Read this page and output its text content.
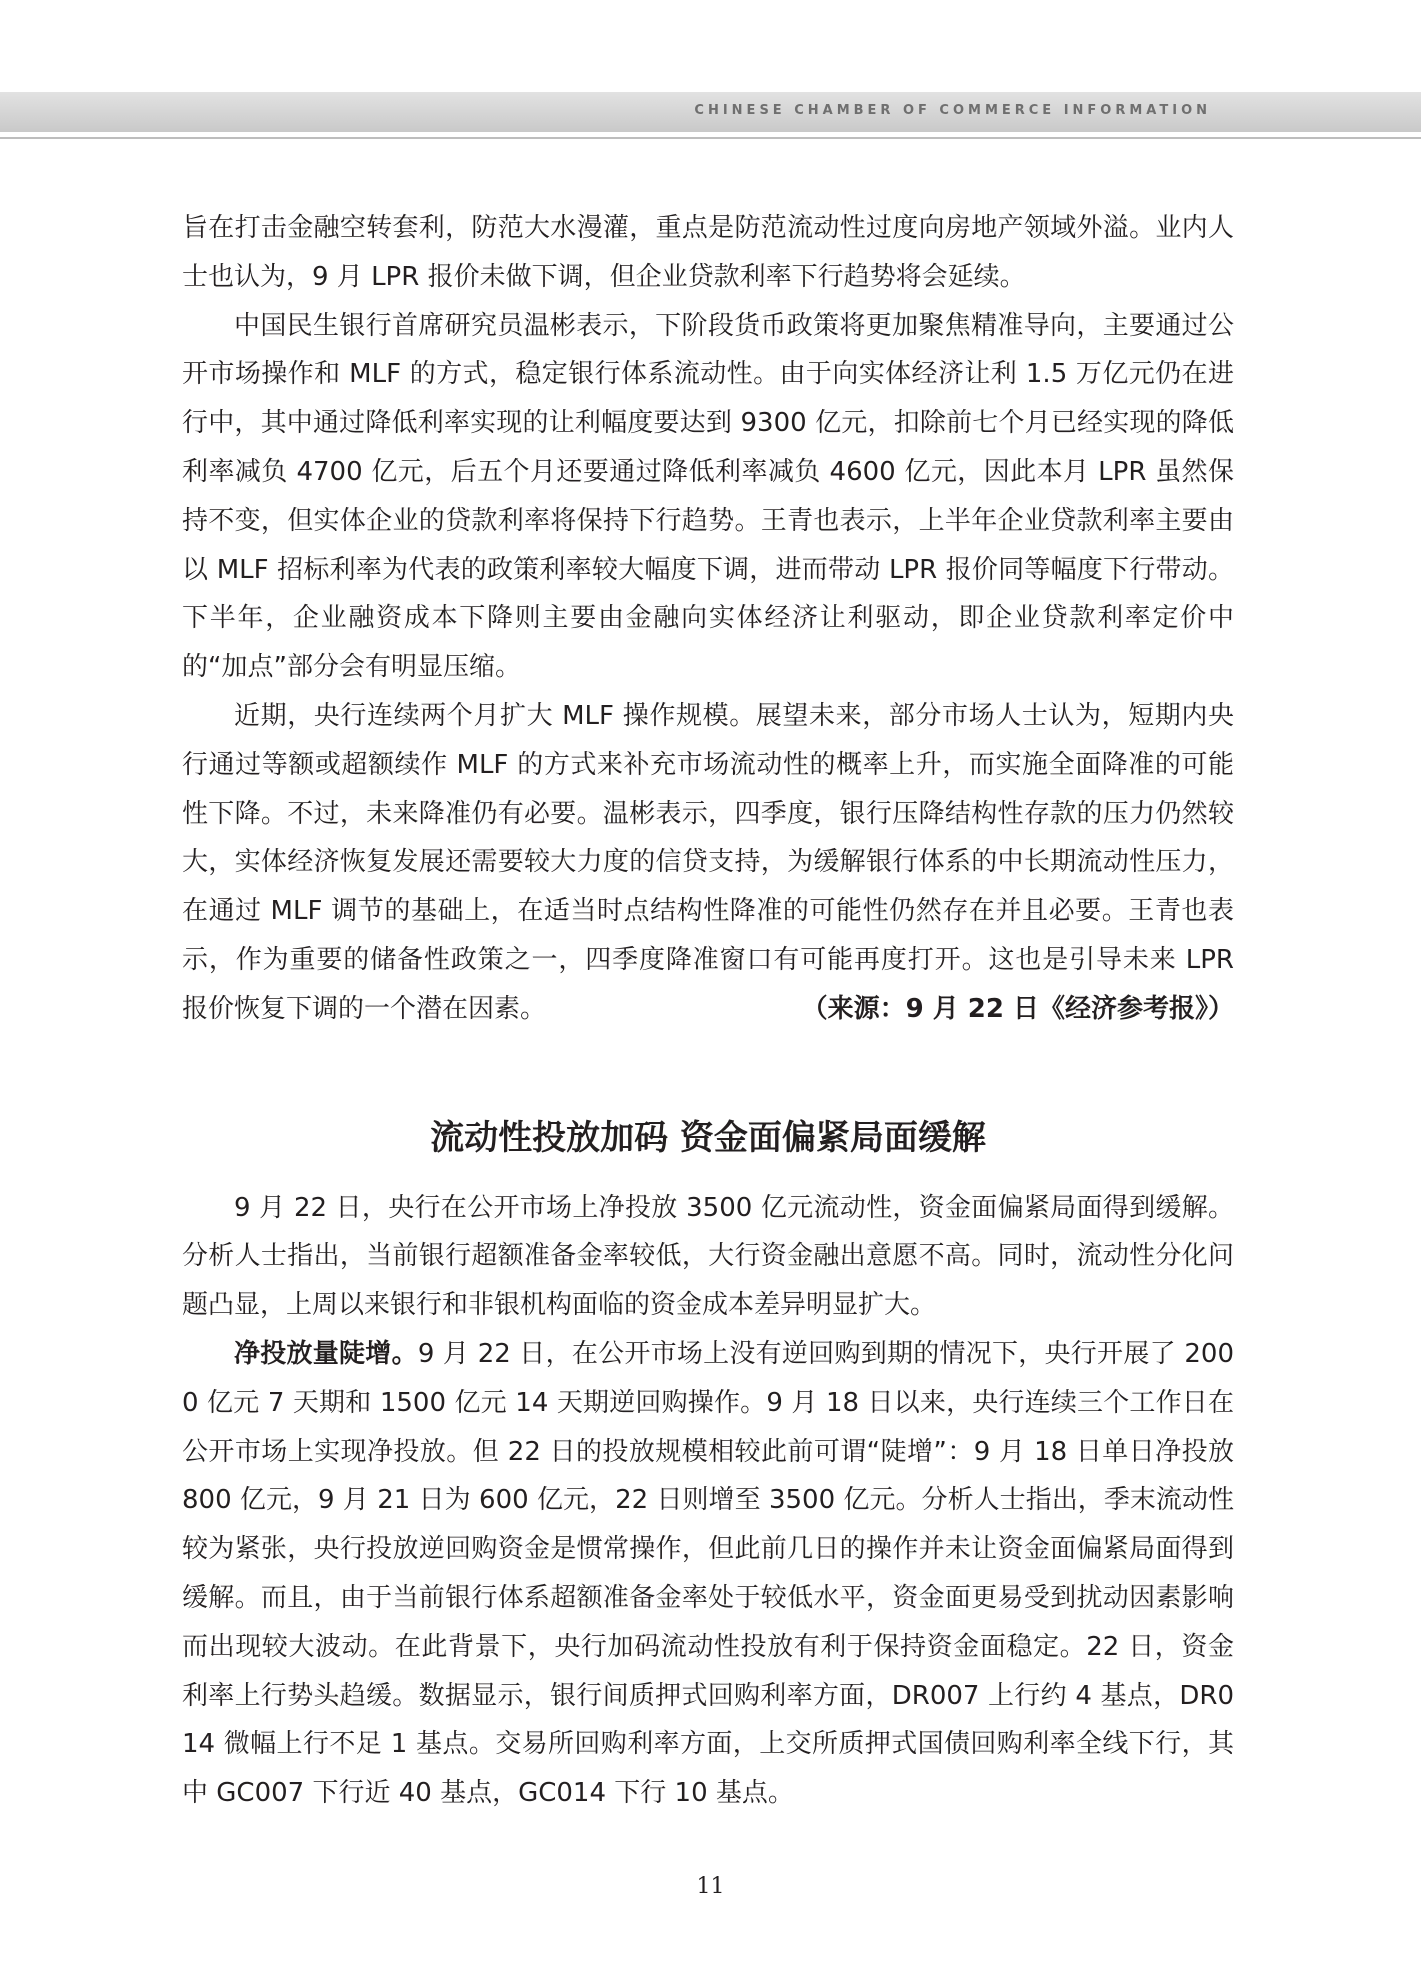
CHINESE CHAMBER OF COMMERCE INFORMATION

旨在打击金融空转套利，防范大水漫灌，重点是防范流动性过度向房地产领域外溢。业内人士也认为，9 月 LPR 报价未做下调，但企业贷款利率下行趋势将会延续。

中国民生银行首席研究员温彬表示，下阶段货币政策将更加聚焦精准导向，主要通过公开市场操作和 MLF 的方式，稳定银行体系流动性。由于向实体经济让利 1.5 万亿元仍在进行中，其中通过降低利率实现的让利幅度要达到 9300 亿元，扣除前七个月已经实现的降低利率减负 4700 亿元，后五个月还要通过降低利率减负 4600 亿元，因此本月 LPR 虽然保持不变，但实体企业的贷款利率将保持下行趋势。王青也表示，上半年企业贷款利率主要由以 MLF 招标利率为代表的政策利率较大幅度下调，进而带动 LPR 报价同等幅度下行带动。下半年，企业融资成本下降则主要由金融向实体经济让利驱动，即企业贷款利率定价中的“加点”部分会有明显压缩。

近期，央行连续两个月扩大 MLF 操作规模。展望未来，部分市场人士认为，短期内央行通过等额或超额续作 MLF 的方式来补充市场流动性的概率上升，而实施全面降准的可能性下降。不过，未来降准仍有必要。温彬表示，四季度，银行压降结构性存款的压力仍然较大，实体经济恢复发展还需要较大力度的信贷支持，为缓解银行体系的中长期流动性压力，在通过 MLF 调节的基础上，在适当时点结构性降准的可能性仍然存在并且必要。王青也表示，作为重要的储备性政策之一，四季度降准窗口有可能再度打开。这也是引导未来 LPR 报价恢复下调的一个潜在因素。	（来源：9 月 22 日《经济参考报》）

流动性投放加码 资金面偏紧局面缓解

9 月 22 日，央行在公开市场上净投放 3500 亿元流动性，资金面偏紧局面得到缓解。分析人士指出，当前银行超额准备金率较低，大行资金融出意愿不高。同时，流动性分化问题凸显，上周以来银行和非银机构面临的资金成本差异明显扩大。

净投放量陡增。9 月 22 日，在公开市场上没有逆回购到期的情况下，央行开展了 2000 亿元 7 天期和 1500 亿元 14 天期逆回购操作。9 月 18 日以来，央行连续三个工作日在公开市场上实现净投放。但 22 日的投放规模相较此前可谓“陡增”：9 月 18 日单日净投放 800 亿元，9 月 21 日为 600 亿元，22 日则增至 3500 亿元。分析人士指出，季末流动性较为紧张，央行投放逆回购资金是惯常操作，但此前几日的操作并未让资金面偏紧局面得到缓解。而且，由于当前银行体系超额准备金率处于较低水平，资金面更易受到扰动因素影响而出现较大波动。在此背景下，央行加码流动性投放有利于保持资金面稳定。22 日，资金利率上行势头趋缓。数据显示，银行间质押式回购利率方面，DR007 上行约 4 基点，DR014 微幅上行不足 1 基点。交易所回购利率方面，上交所质押式国债回购利率全线下行，其中 GC007 下行近 40 基点，GC014 下行 10 基点。

11
